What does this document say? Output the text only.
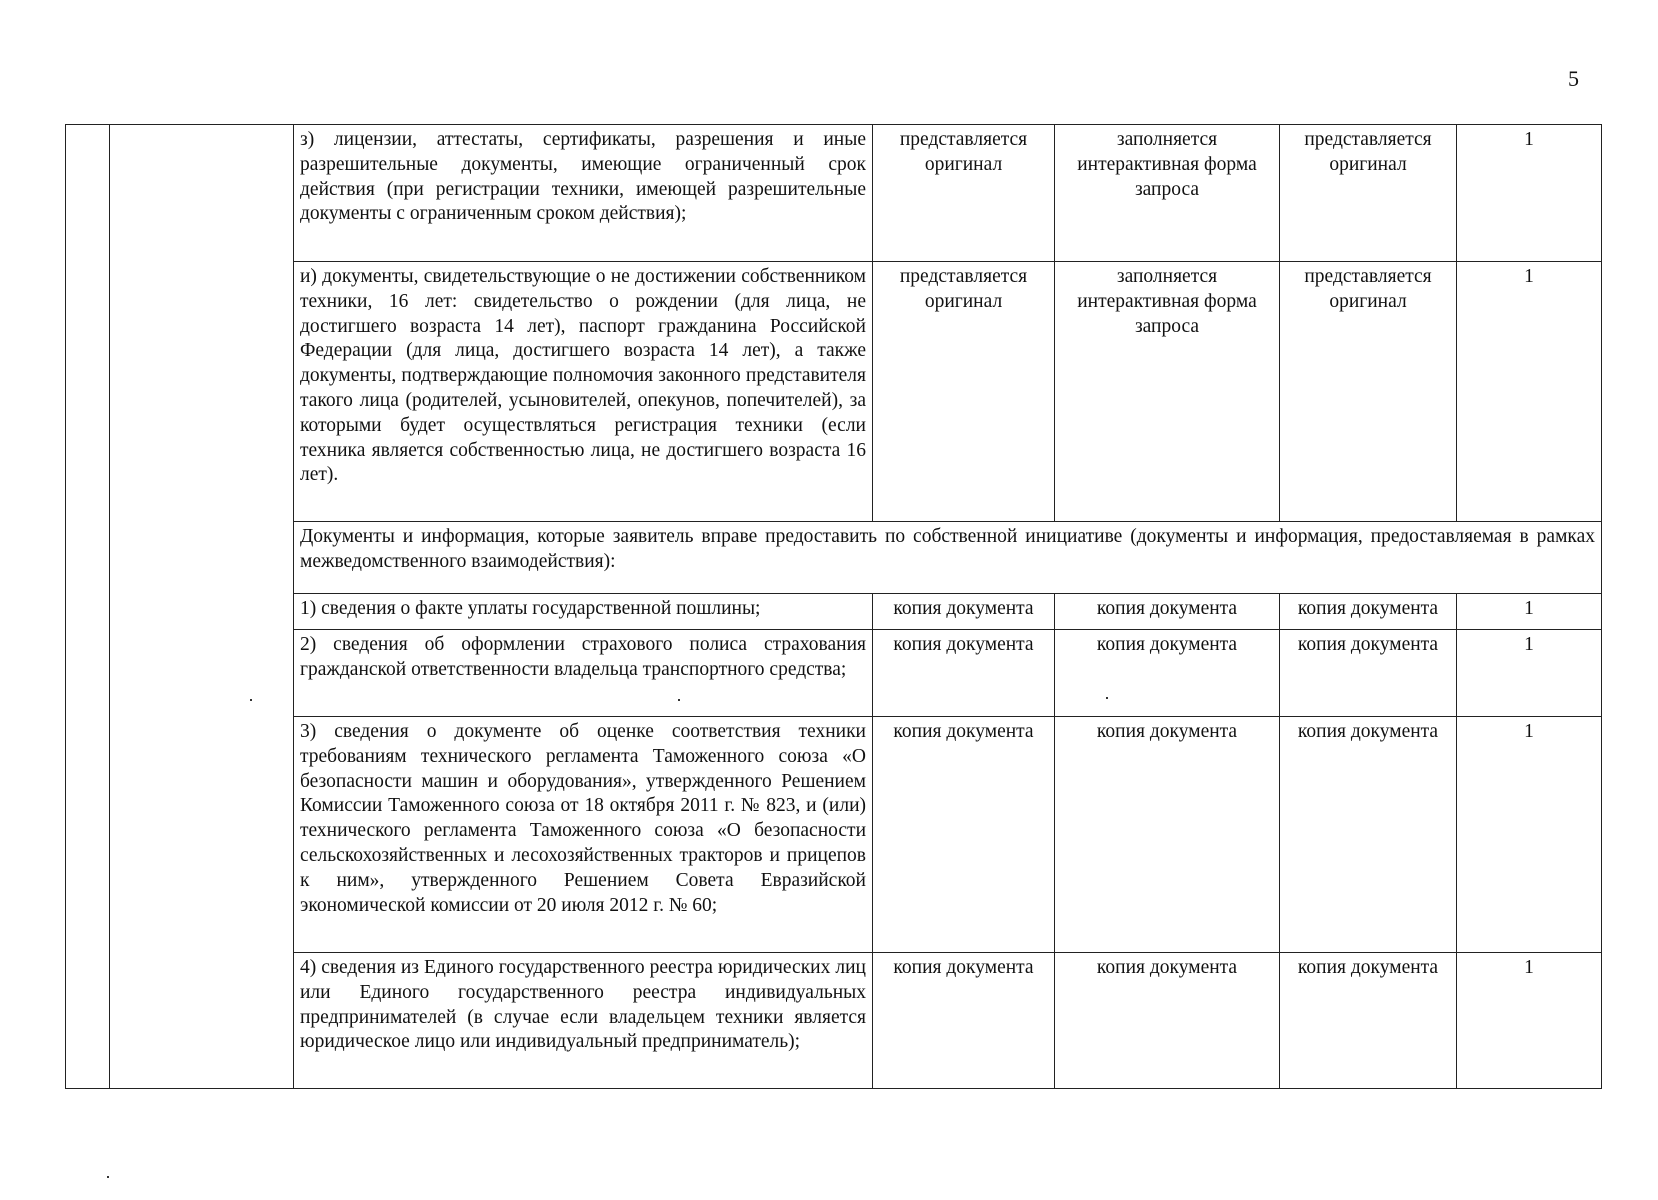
5
		з) лицензии, аттестаты, сертификаты, разрешения и иные разрешительные документы, имеющие ограниченный срок действия (при регистрации техники, имеющей разрешительные документы с ограниченным сроком действия);	представляется оригинал	заполняется интерактивная форма запроса	представляется оригинал	1
		и) документы, свидетельствующие о не достижении собственником техники, 16 лет: свидетельство о рождении (для лица, не достигшего возраста 14 лет), паспорт гражданина Российской Федерации (для лица, достигшего возраста 14 лет), а также документы, подтверждающие полномочия законного представителя такого лица (родителей, усыновителей, опекунов, попечителей), за которыми будет осуществляться регистрация техники (если техника является собственностью лица, не достигшего возраста 16 лет).	представляется оригинал	заполняется интерактивная форма запроса	представляется оригинал	1
		Документы и информация, которые заявитель вправе предоставить по собственной инициативе (документы и информация, предоставляемая в рамках межведомственного взаимодействия):				
		1) сведения о факте уплаты государственной пошлины;	копия документа	копия документа	копия документа	1
		2) сведения об оформлении страхового полиса страхования гражданской ответственности владельца транспортного средства;	копия документа	копия документа	копия документа	1
		3) сведения о документе об оценке соответствия техники требованиям технического регламента Таможенного союза «О безопасности машин и оборудования», утвержденного Решением Комиссии Таможенного союза от 18 октября 2011 г. № 823, и (или) технического регламента Таможенного союза «О безопасности сельскохозяйственных и лесохозяйственных тракторов и прицепов к ним», утвержденного Решением Совета Евразийской экономической комиссии от 20 июля 2012 г. № 60;	копия документа	копия документа	копия документа	1
		4) сведения из Единого государственного реестра юридических лиц или Единого государственного реестра индивидуальных предпринимателей (в случае если владельцем техники является юридическое лицо или индивидуальный предприниматель);	копия документа	копия документа	копия документа	1
